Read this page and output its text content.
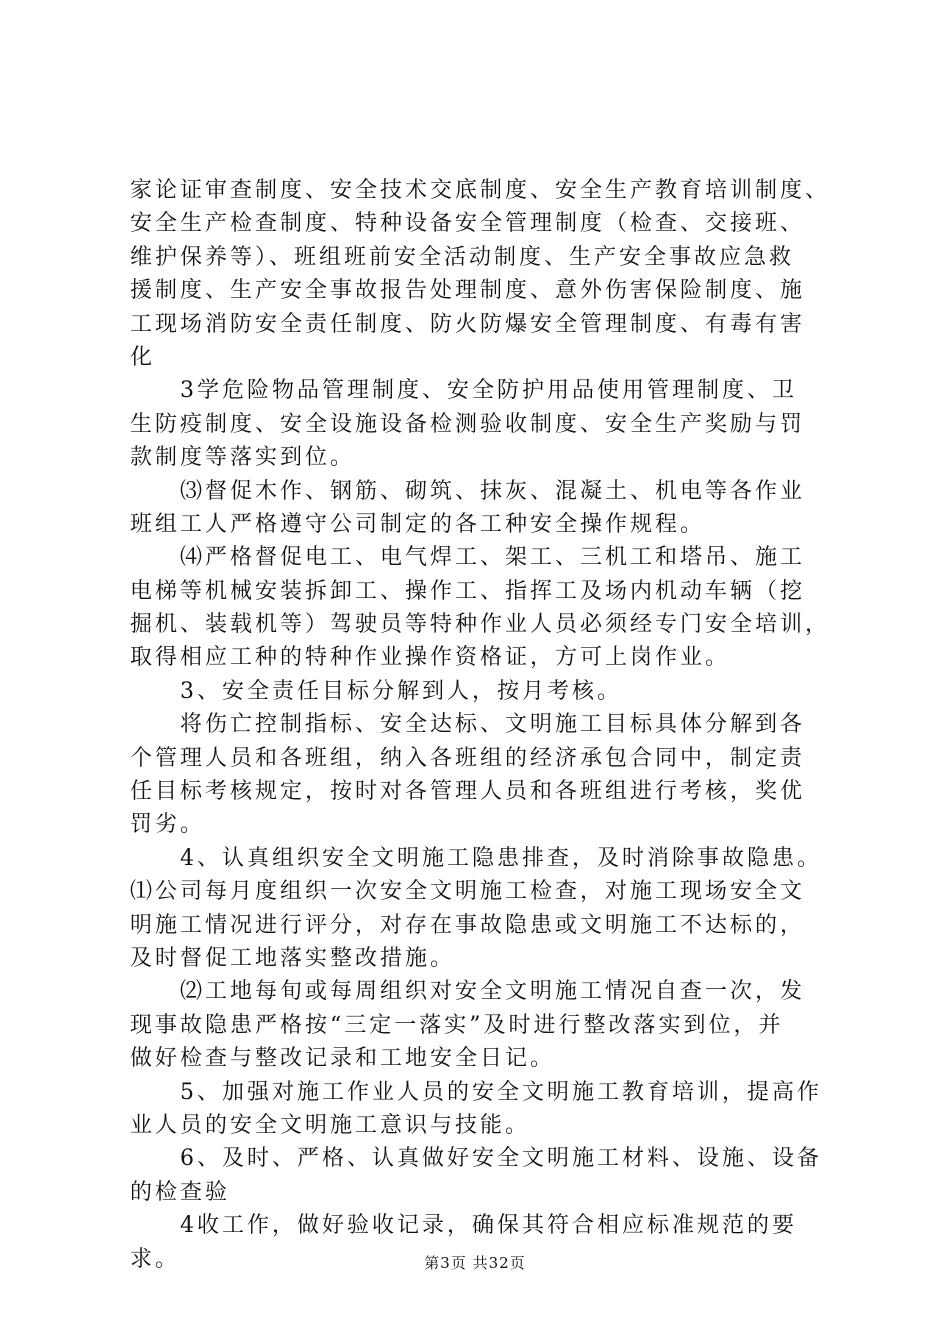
家论证审查制度、安全技术交底制度、安全生产教育培训制度、
安全生产检查制度、特种设备安全管理制度（检查、交接班、
维护保养等）、班组班前安全活动制度、生产安全事故应急救
援制度、生产安全事故报告处理制度、意外伤害保险制度、施
工现场消防安全责任制度、防火防爆安全管理制度、有毒有害
化
　　3学危险物品管理制度、安全防护用品使用管理制度、卫
生防疫制度、安全设施设备检测验收制度、安全生产奖励与罚
款制度等落实到位。
　　⑶督促木作、钢筋、砌筑、抹灰、混凝土、机电等各作业
班组工人严格遵守公司制定的各工种安全操作规程。
　　⑷严格督促电工、电气焊工、架工、三机工和塔吊、施工
电梯等机械安装拆卸工、操作工、指挥工及场内机动车辆（挖
掘机、装载机等）驾驶员等特种作业人员必须经专门安全培训，
取得相应工种的特种作业操作资格证，方可上岗作业。
　　3、安全责任目标分解到人，按月考核。
　　将伤亡控制指标、安全达标、文明施工目标具体分解到各
个管理人员和各班组，纳入各班组的经济承包合同中，制定责
任目标考核规定，按时对各管理人员和各班组进行考核，奖优
罚劣。
　　4、认真组织安全文明施工隐患排查，及时消除事故隐患。
⑴公司每月度组织一次安全文明施工检查，对施工现场安全文
明施工情况进行评分，对存在事故隐患或文明施工不达标的，
及时督促工地落实整改措施。
　　⑵工地每旬或每周组织对安全文明施工情况自查一次，发
现事故隐患严格按“三定一落实”及时进行整改落实到位，并
做好检查与整改记录和工地安全日记。
　　5、加强对施工作业人员的安全文明施工教育培训，提高作
业人员的安全文明施工意识与技能。
　　6、及时、严格、认真做好安全文明施工材料、设施、设备
的检查验
　　4收工作，做好验收记录，确保其符合相应标准规范的要
求。	第3页 共32页
